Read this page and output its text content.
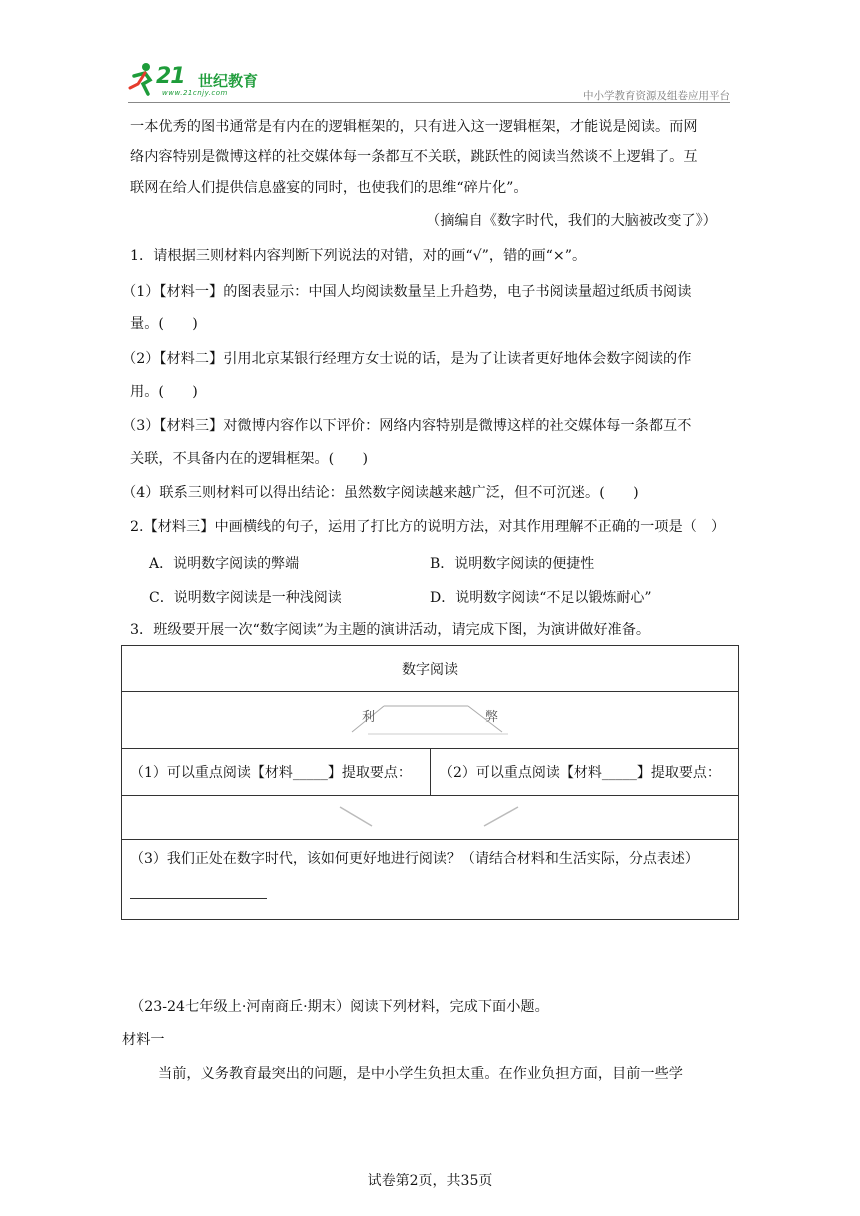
21 世纪教育
www.21cnjy.com	中小学教育资源及组卷应用平台
一本优秀的图书通常是有内在的逻辑框架的，只有进入这一逻辑框架，才能说是阅读。而网
络内容特别是微博这样的社交媒体每一条都互不关联，跳跃性的阅读当然谈不上逻辑了。互
联网在给人们提供信息盛宴的同时，也使我们的思维“碎片化”。
（摘编自《数字时代，我们的大脑被改变了》）
1．请根据三则材料内容判断下列说法的对错，对的画“√”，错的画“×”。
（1）【材料一】的图表显示：中国人均阅读数量呈上升趋势，电子书阅读量超过纸质书阅读
量。(　　)
（2）【材料二】引用北京某银行经理方女士说的话，是为了让读者更好地体会数字阅读的作
用。(　　)
（3）【材料三】对微博内容作以下评价：网络内容特别是微博这样的社交媒体每一条都互不
关联，不具备内在的逻辑框架。(　　)
（4）联系三则材料可以得出结论：虽然数字阅读越来越广泛，但不可沉迷。(　　)
2.【材料三】中画横线的句子，运用了打比方的说明方法，对其作用理解不正确的一项是（　）
A．说明数字阅读的弊端	B．说明数字阅读的便捷性
C．说明数字阅读是一种浅阅读	D．说明数字阅读“不足以锻炼耐心”
3．班级要开展一次“数字阅读”为主题的演讲活动，请完成下图，为演讲做好准备。
数字阅读

利	弊

（1）可以重点阅读【材料_____】提取要点：	（2）可以重点阅读【材料_____】提取要点：

（3）我们正处在数字时代，该如何更好地进行阅读？（请结合材料和生活实际，分点表述）
（23-24七年级上·河南商丘·期末）阅读下列材料，完成下面小题。
材料一
当前，义务教育最突出的问题，是中小学生负担太重。在作业负担方面，目前一些学
试卷第2页，共35页
